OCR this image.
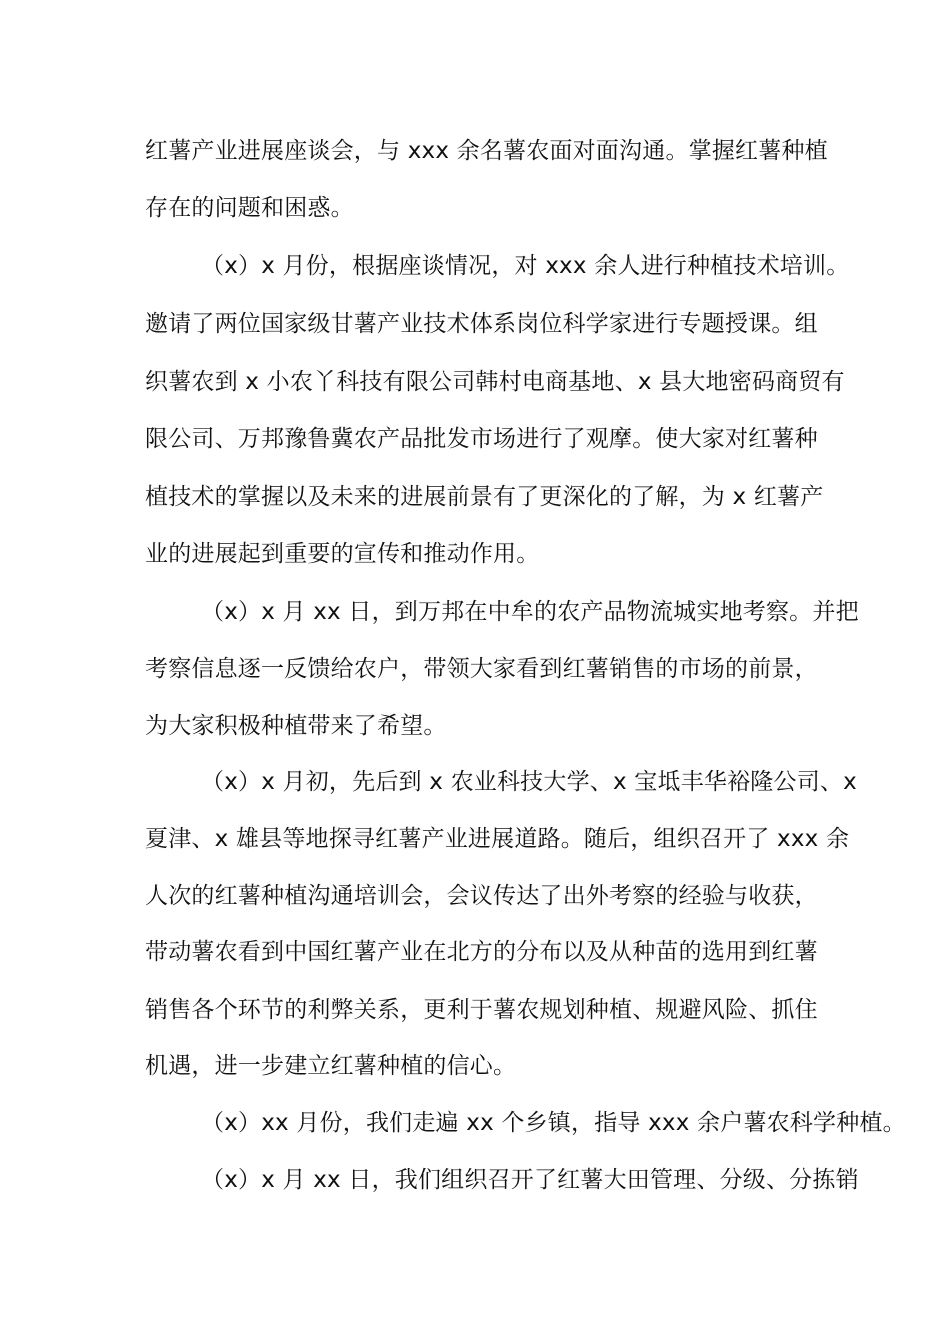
红薯产业进展座谈会，与 xxx 余名薯农面对面沟通。掌握红薯种植
存在的问题和困惑。
（x）x 月份，根据座谈情况，对 xxx 余人进行种植技术培训。
邀请了两位国家级甘薯产业技术体系岗位科学家进行专题授课。组
织薯农到 x 小农丫科技有限公司韩村电商基地、x 县大地密码商贸有
限公司、万邦豫鲁冀农产品批发市场进行了观摩。使大家对红薯种
植技术的掌握以及未来的进展前景有了更深化的了解，为 x 红薯产
业的进展起到重要的宣传和推动作用。
（x）x 月 xx 日，到万邦在中牟的农产品物流城实地考察。并把
考察信息逐一反馈给农户，带领大家看到红薯销售的市场的前景，
为大家积极种植带来了希望。
（x）x 月初，先后到 x 农业科技大学、x 宝坻丰华裕隆公司、x
夏津、x 雄县等地探寻红薯产业进展道路。随后，组织召开了 xxx 余
人次的红薯种植沟通培训会，会议传达了出外考察的经验与收获，
带动薯农看到中国红薯产业在北方的分布以及从种苗的选用到红薯
销售各个环节的利弊关系，更利于薯农规划种植、规避风险、抓住
机遇，进一步建立红薯种植的信心。
（x）xx 月份，我们走遍 xx 个乡镇，指导 xxx 余户薯农科学种植。
（x）x 月 xx 日，我们组织召开了红薯大田管理、分级、分拣销
